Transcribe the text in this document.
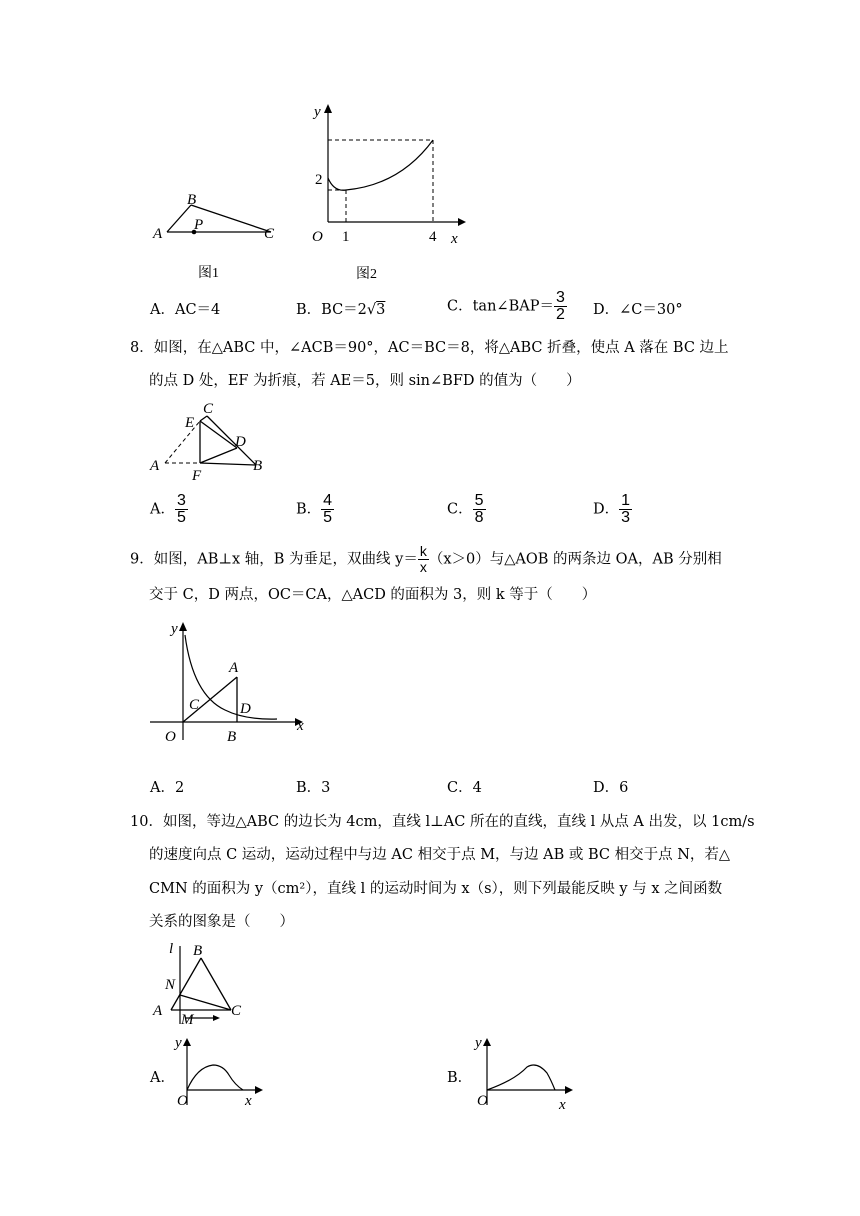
A
B
P
C
图1
y
2
O 1	4 x
图2
A．AC＝4	B．BC＝2√3	C．tan∠BAP＝ $\frac{3}{2}$ D．∠C＝30°
8．如图，在△ABC 中，∠ACB＝90°，AC＝BC＝8，将△ABC 折叠，使点 A 落在 BC 边上
的点 D 处，EF 为折痕，若 AE＝5，则 sin∠BFD 的值为（　　）
C
E
D
A
F
B
A． $\frac{3}{5}$	B． $\frac{4}{5}$	C． $\frac{5}{8}$	D． $\frac{1}{3}$
9．如图，AB⊥x 轴，B 为垂足，双曲线 $y= \frac{k}{x} (x>0)$与△AOB 的两条边 OA，AB 分别相
交于 C，D 两点，OC＝CA，△ACD 的面积为 3，则 k 等于（　　）
y
A
C	D
O	B
x
A．2	B．3	C．4	D．6
10．如图，等边△ABC 的边长为 4cm，直线 l⊥AC 所在的直线，直线 l 从点 A 出发，以 1cm/s
的速度向点 C 运动，运动过程中与边 AC 相交于点 M，与边 AB 或 BC 相交于点 N，若△
CMN 的面积为 y（cm²），直线 l 的运动时间为 x（s），则下列最能反映 y 与 x 之间函数
关系的图象是（　　）
l B
N
A
M
C
A．
y
O	x
B．
y
O	x
